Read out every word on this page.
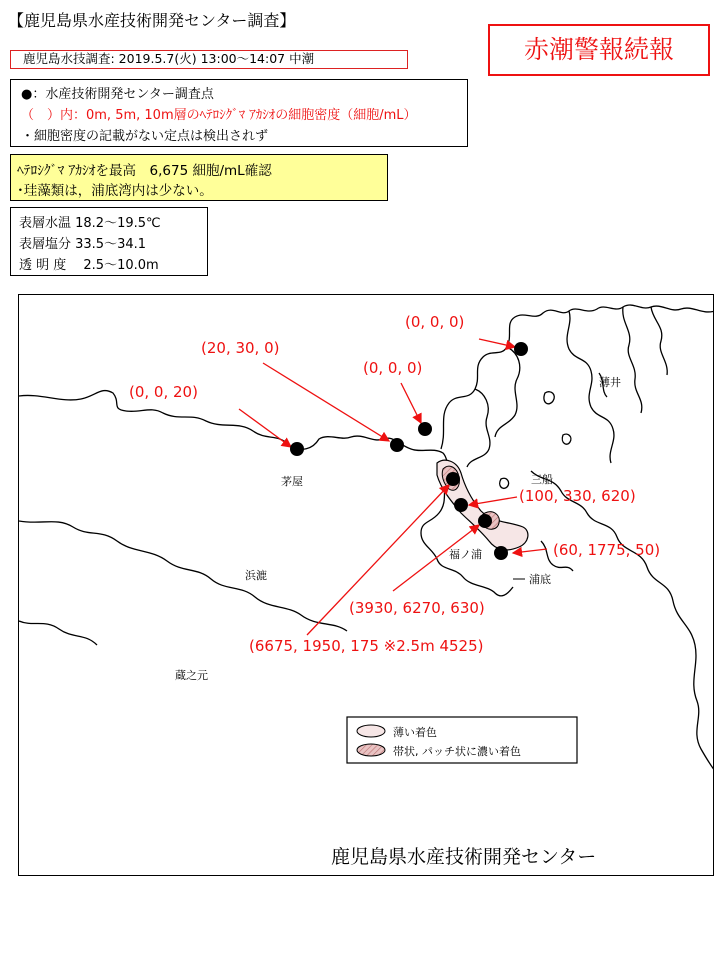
【鹿児島県水産技術開発センター調査】
鹿児島水技調査: 2019.5.7(火) 13:00～14:07 中潮	赤潮警報続報
●：水産技術開発センター調査点
（　）内：0m, 5m, 10m層のﾍﾃﾛｼｸﾞﾏ ｱｶｼｵの細胞密度（細胞/mL）
・細胞密度の記載がない定点は検出されず
ﾍﾃﾛｼｸﾞﾏ ｱｶｼｵを最高　6,675 細胞/mL確認
･珪藻類は，浦底湾内は少ない。
表層水温 18.2～19.5℃
表層塩分 33.5～34.1
透 明 度　 2.5～10.0m
茅屋
浜漉
蔵之元
薄井
三船
福ノ浦
浦底
(0, 0, 20)
(20, 30, 0)
(0, 0, 0)
(0, 0, 0)
(100, 330, 620)
(60, 1775, 50)
(3930, 6270, 630)
(6675, 1950, 175 ※2.5m 4525)
薄い着色
帯状, パッチ状に濃い着色
鹿児島県水産技術開発センター
